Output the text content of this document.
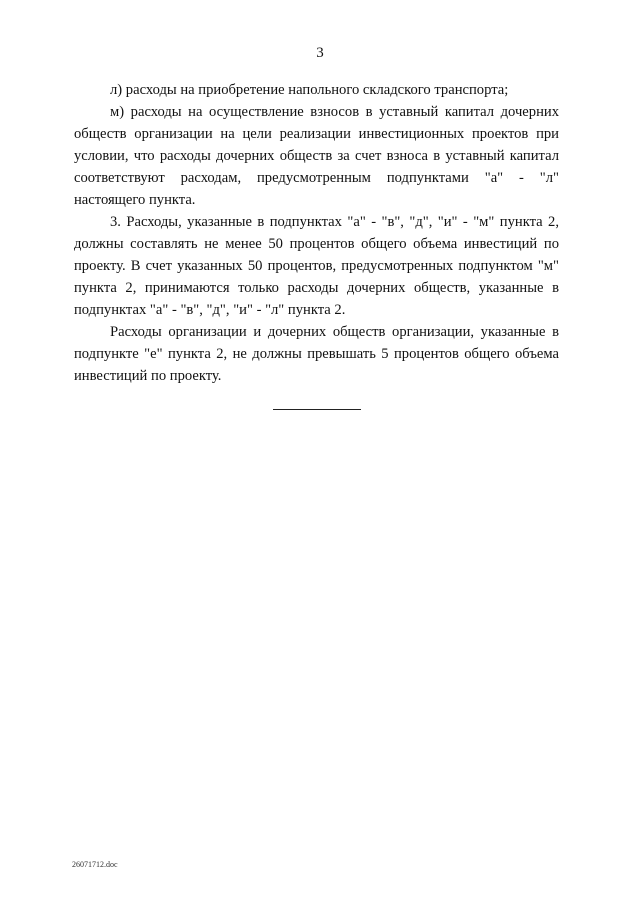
3

л) расходы на приобретение напольного складского транспорта;

м) расходы на осуществление взносов в уставный капитал дочерних обществ организации на цели реализации инвестиционных проектов при условии, что расходы дочерних обществ за счет взноса в уставный капитал соответствуют расходам, предусмотренным подпунктами "а" - "л" настоящего пункта.

3. Расходы, указанные в подпунктах "а" - "в", "д", "и" - "м" пункта 2, должны составлять не менее 50 процентов общего объема инвестиций по проекту. В счет указанных 50 процентов, предусмотренных подпунктом "м" пункта 2, принимаются только расходы дочерних обществ, указанные в подпунктах "а" - "в", "д", "и" - "л" пункта 2.

Расходы организации и дочерних обществ организации, указанные в подпункте "е" пункта 2, не должны превышать 5 процентов общего объема инвестиций по проекту.

26071712.doc
